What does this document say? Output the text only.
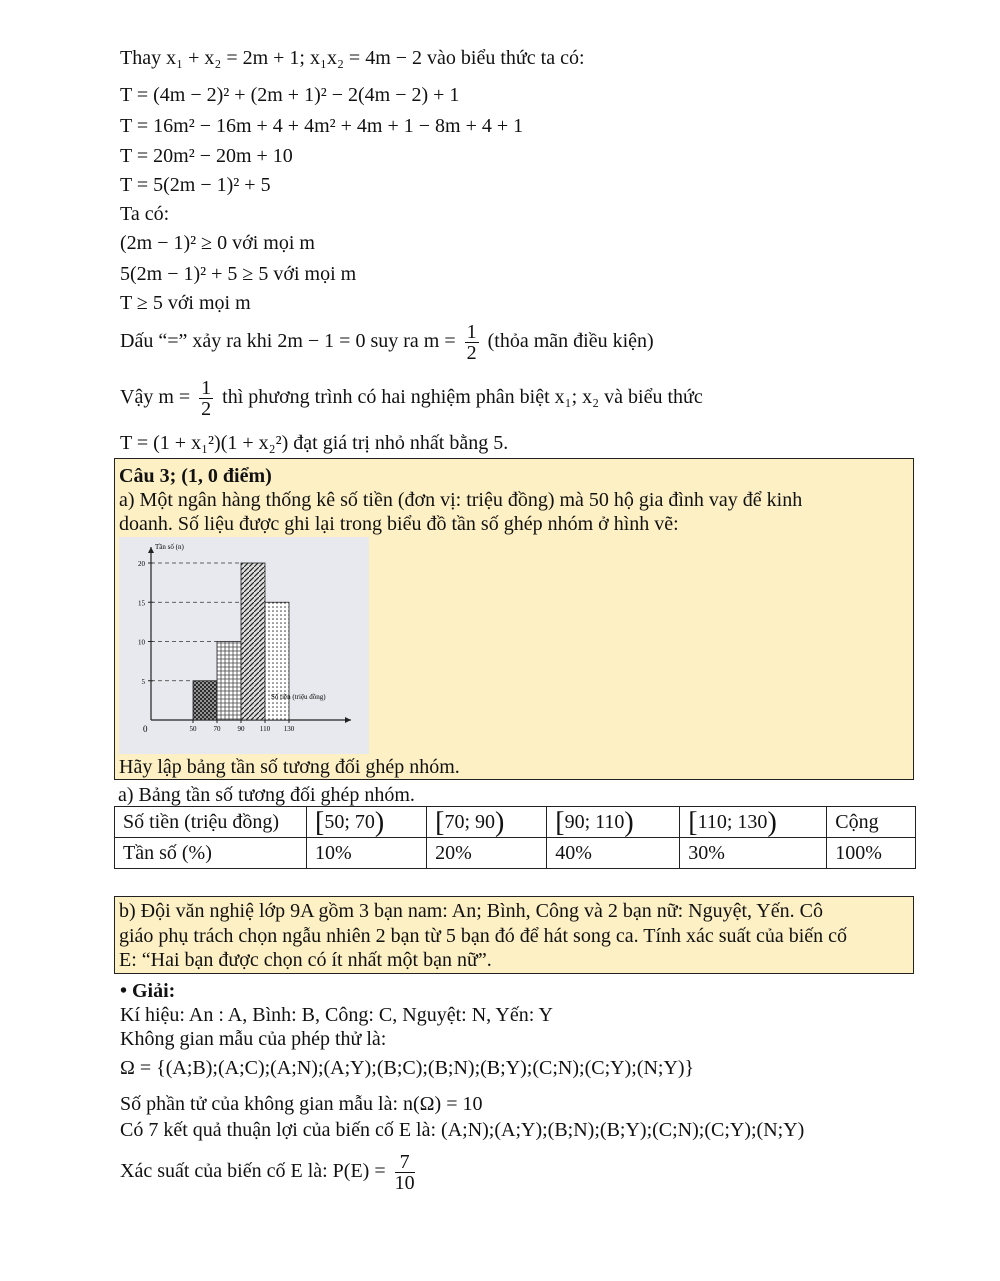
Thay x₁ + x₂ = 2m + 1; x₁x₂ = 4m − 2 vào biểu thức ta có:
T = (4m − 2)² + (2m + 1)² − 2(4m − 2) + 1
T = 16m² − 16m + 4 + 4m² + 4m + 1 − 8m + 4 + 1
T = 20m² − 20m + 10
T = 5(2m − 1)² + 5
Ta có:
(2m − 1)² ≥ 0 với mọi m
5(2m − 1)² + 5 ≥ 5 với mọi m
T ≥ 5 với mọi m
Dấu “=” xảy ra khi 2m − 1 = 0 suy ra $m = \frac{1}{2}$ (thỏa mãn điều kiện)
Vậy $m = \frac{1}{2}$ thì phương trình có hai nghiệm phân biệt x₁; x₂ và biểu thức
T = (1 + x₁²)(1 + x₂²) đạt giá trị nhỏ nhất bằng 5.
Câu 3; (1, 0 điểm)
a) Một ngân hàng thống kê số tiền (đơn vị: triệu đồng) mà 50 hộ gia đình vay để kinh
doanh. Số liệu được ghi lại trong biểu đồ tần số ghép nhóm ở hình vẽ:
5
10
15
20
50 70 90 110 130
0
Tần số (n)
Số tiền (triệu đồng)
Hãy lập bảng tần số tương đối ghép nhóm.
a) Bảng tần số tương đối ghép nhóm.
Số tiền (triệu đồng)	[50; 70)	[70; 90)	[90; 110)	[110; 130)	Cộng
Tần số (%)	10%	20%	40%	30%	100%
b) Đội văn nghiệ lớp 9A gồm 3 bạn nam: An; Bình, Công và 2 bạn nữ: Nguyệt, Yến. Cô
giáo phụ trách chọn ngẫu nhiên 2 bạn từ 5 bạn đó để hát song ca. Tính xác suất của biến cố
E: “Hai bạn được chọn có ít nhất một bạn nữ”.
• Giải:
Kí hiệu: An : A, Bình: B, Công: C, Nguyệt: N, Yến: Y
Không gian mẫu của phép thử là:
Ω = {(A;B);(A;C);(A;N);(A;Y);(B;C);(B;N);(B;Y);(C;N);(C;Y);(N;Y)}
Số phần tử của không gian mẫu là: n(Ω) = 10
Có 7 kết quả thuận lợi của biến cố E là: (A;N);(A;Y);(B;N);(B;Y);(C;N);(C;Y);(N;Y)
Xác suất của biến cố E là: $P(E) = \frac{7}{10}$
